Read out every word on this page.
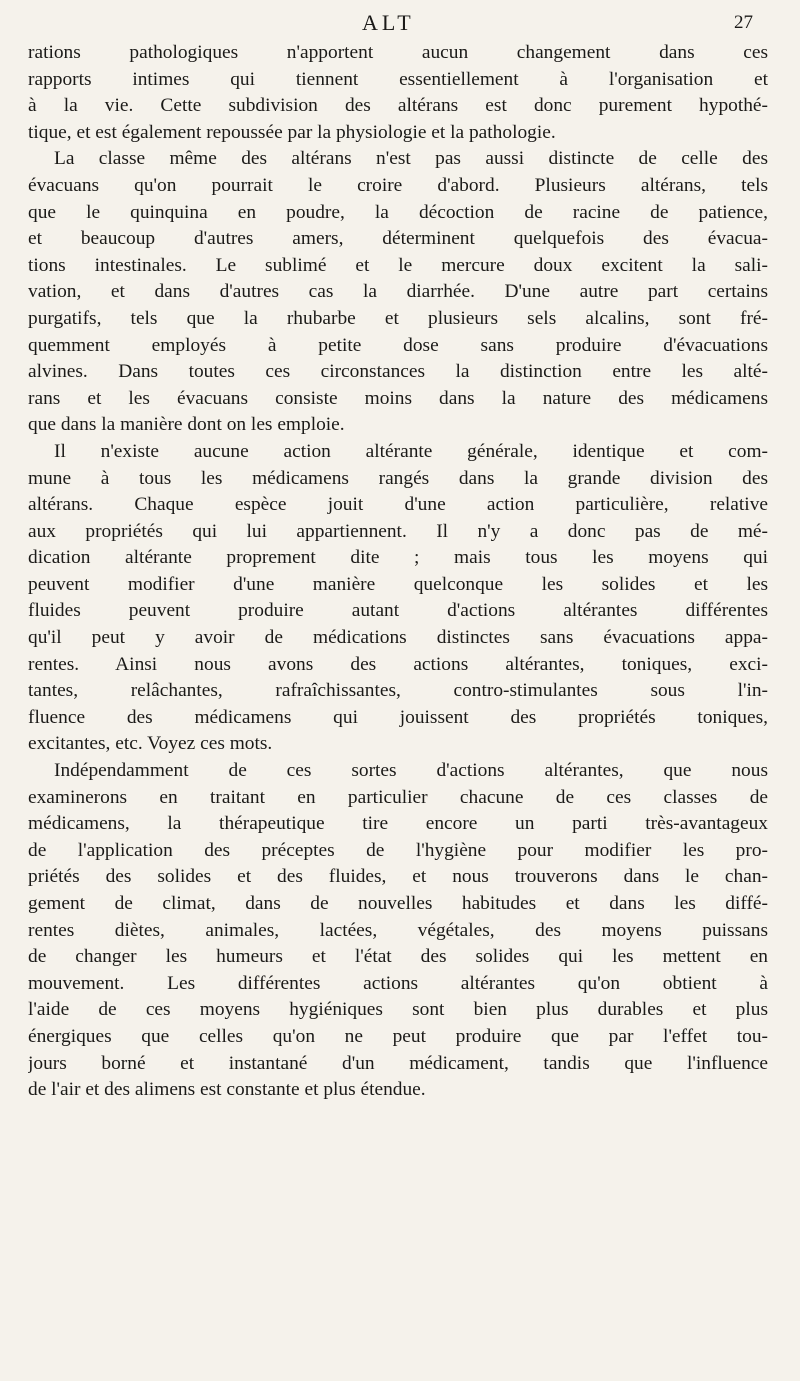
ALT	27
rations pathologiques n'apportent aucun changement dans ces
rapports intimes qui tiennent essentiellement à l'organisation et
à la vie. Cette subdivision des altérans est donc purement hypothé-
tique, et est également repoussée par la physiologie et la pathologie.
La classe même des altérans n'est pas aussi distincte de celle des
évacuans qu'on pourrait le croire d'abord. Plusieurs altérans, tels
que le quinquina en poudre, la décoction de racine de patience,
et beaucoup d'autres amers, déterminent quelquefois des évacua-
tions intestinales. Le sublimé et le mercure doux excitent la sali-
vation, et dans d'autres cas la diarrhée. D'une autre part certains
purgatifs, tels que la rhubarbe et plusieurs sels alcalins, sont fré-
quemment employés à petite dose sans produire d'évacuations
alvines. Dans toutes ces circonstances la distinction entre les alté-
rans et les évacuans consiste moins dans la nature des médicamens
que dans la manière dont on les emploie.
Il n'existe aucune action altérante générale, identique et com-
mune à tous les médicamens rangés dans la grande division des
altérans. Chaque espèce jouit d'une action particulière, relative
aux propriétés qui lui appartiennent. Il n'y a donc pas de mé-
dication altérante proprement dite ; mais tous les moyens qui
peuvent modifier d'une manière quelconque les solides et les
fluides peuvent produire autant d'actions altérantes différentes
qu'il peut y avoir de médications distinctes sans évacuations appa-
rentes. Ainsi nous avons des actions altérantes, toniques, exci-
tantes, relâchantes, rafraîchissantes, contro-stimulantes sous l'in-
fluence des médicamens qui jouissent des propriétés toniques,
excitantes, etc. Voyez ces mots.
Indépendamment de ces sortes d'actions altérantes, que nous
examinerons en traitant en particulier chacune de ces classes de
médicamens, la thérapeutique tire encore un parti très-avantageux
de l'application des préceptes de l'hygiène pour modifier les pro-
priétés des solides et des fluides, et nous trouverons dans le chan-
gement de climat, dans de nouvelles habitudes et dans les diffé-
rentes diètes, animales, lactées, végétales, des moyens puissans
de changer les humeurs et l'état des solides qui les mettent en
mouvement. Les différentes actions altérantes qu'on obtient à
l'aide de ces moyens hygiéniques sont bien plus durables et plus
énergiques que celles qu'on ne peut produire que par l'effet tou-
jours borné et instantané d'un médicament, tandis que l'influence
de l'air et des alimens est constante et plus étendue.
